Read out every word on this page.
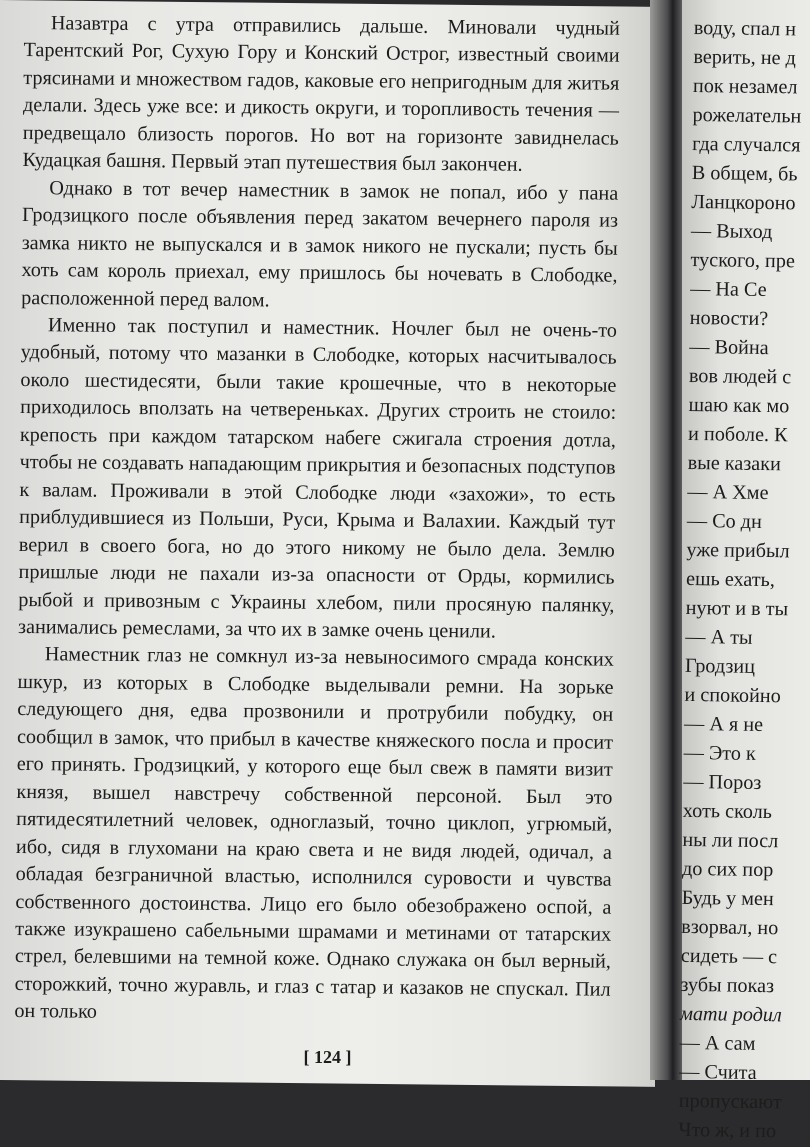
Назавтра с утра отправились дальше. Миновали чудный Тарентский Рог, Сухую Гору и Конский Острог, известный своими трясинами и множеством гадов, каковые его непригодным для житья делали. Здесь уже все: и дикость округи, и торопливость течения — предвещало близость порогов. Но вот на горизонте завиднелась Кудацкая башня. Первый этап путешествия был закончен.

Однако в тот вечер наместник в замок не попал, ибо у пана Гродзицкого после объявления перед закатом вечернего пароля из замка никто не выпускался и в замок никого не пускали; пусть бы хоть сам король приехал, ему пришлось бы ночевать в Слободке, расположенной перед валом.

Именно так поступил и наместник. Ночлег был не очень-то удобный, потому что мазанки в Слободке, которых насчитывалось около шестидесяти, были такие крошечные, что в некоторые приходилось вползать на четвереньках. Других строить не стоило: крепость при каждом татарском набеге сжигала строения дотла, чтобы не создавать нападающим прикрытия и безопасных подступов к валам. Проживали в этой Слободке люди «захожи», то есть приблудившиеся из Польши, Руси, Крыма и Валахии. Каждый тут верил в своего бога, но до этого никому не было дела. Землю пришлые люди не пахали из-за опасности от Орды, кормились рыбой и привозным с Украины хлебом, пили просяную палянку, занимались ремеслами, за что их в замке очень ценили.

Наместник глаз не сомкнул из-за невыносимого смрада конских шкур, из которых в Слободке выделывали ремни. На зорьке следующего дня, едва прозвонили и протрубили побудку, он сообщил в замок, что прибыл в качестве княжеского посла и просит его принять. Гродзицкий, у которого еще был свеж в памяти визит князя, вышел навстречу собственной персоной. Был это пятидесятилетний человек, одноглазый, точно циклоп, угрюмый, ибо, сидя в глухомани на краю света и не видя людей, одичал, а обладая безграничной властью, исполнился суровости и чувства собственного достоинства. Лицо его было обезображено оспой, а также изукрашено сабельными шрамами и метинами от татарских стрел, белевшими на темной коже. Однако служака он был верный, сторожкий, точно журавль, и глаз с татар и казаков не спускал. Пил он только

[ 124 ]
воду, спал н
верить, не д
пок незамел
рожелательн
гда случался
В общем, бь
Ланцкороно
— Выход
туского, пре
— На Се
новости?
— Война
вов людей с
шаю как мо
и поболе. К
вые казаки
— А Хме
— Со дн
уже прибыл
ешь ехать,
нуют и в ты
— А ты
Гродзиц
и спокойно
— А я не
— Это к
— Пороз
хоть сколь
ны ли посл
до сих пор
Будь у мен
взорвал, но
сидеть — с
зубы показ
мати родил
— А сам
— Счита
пропускают
Что ж, и по
